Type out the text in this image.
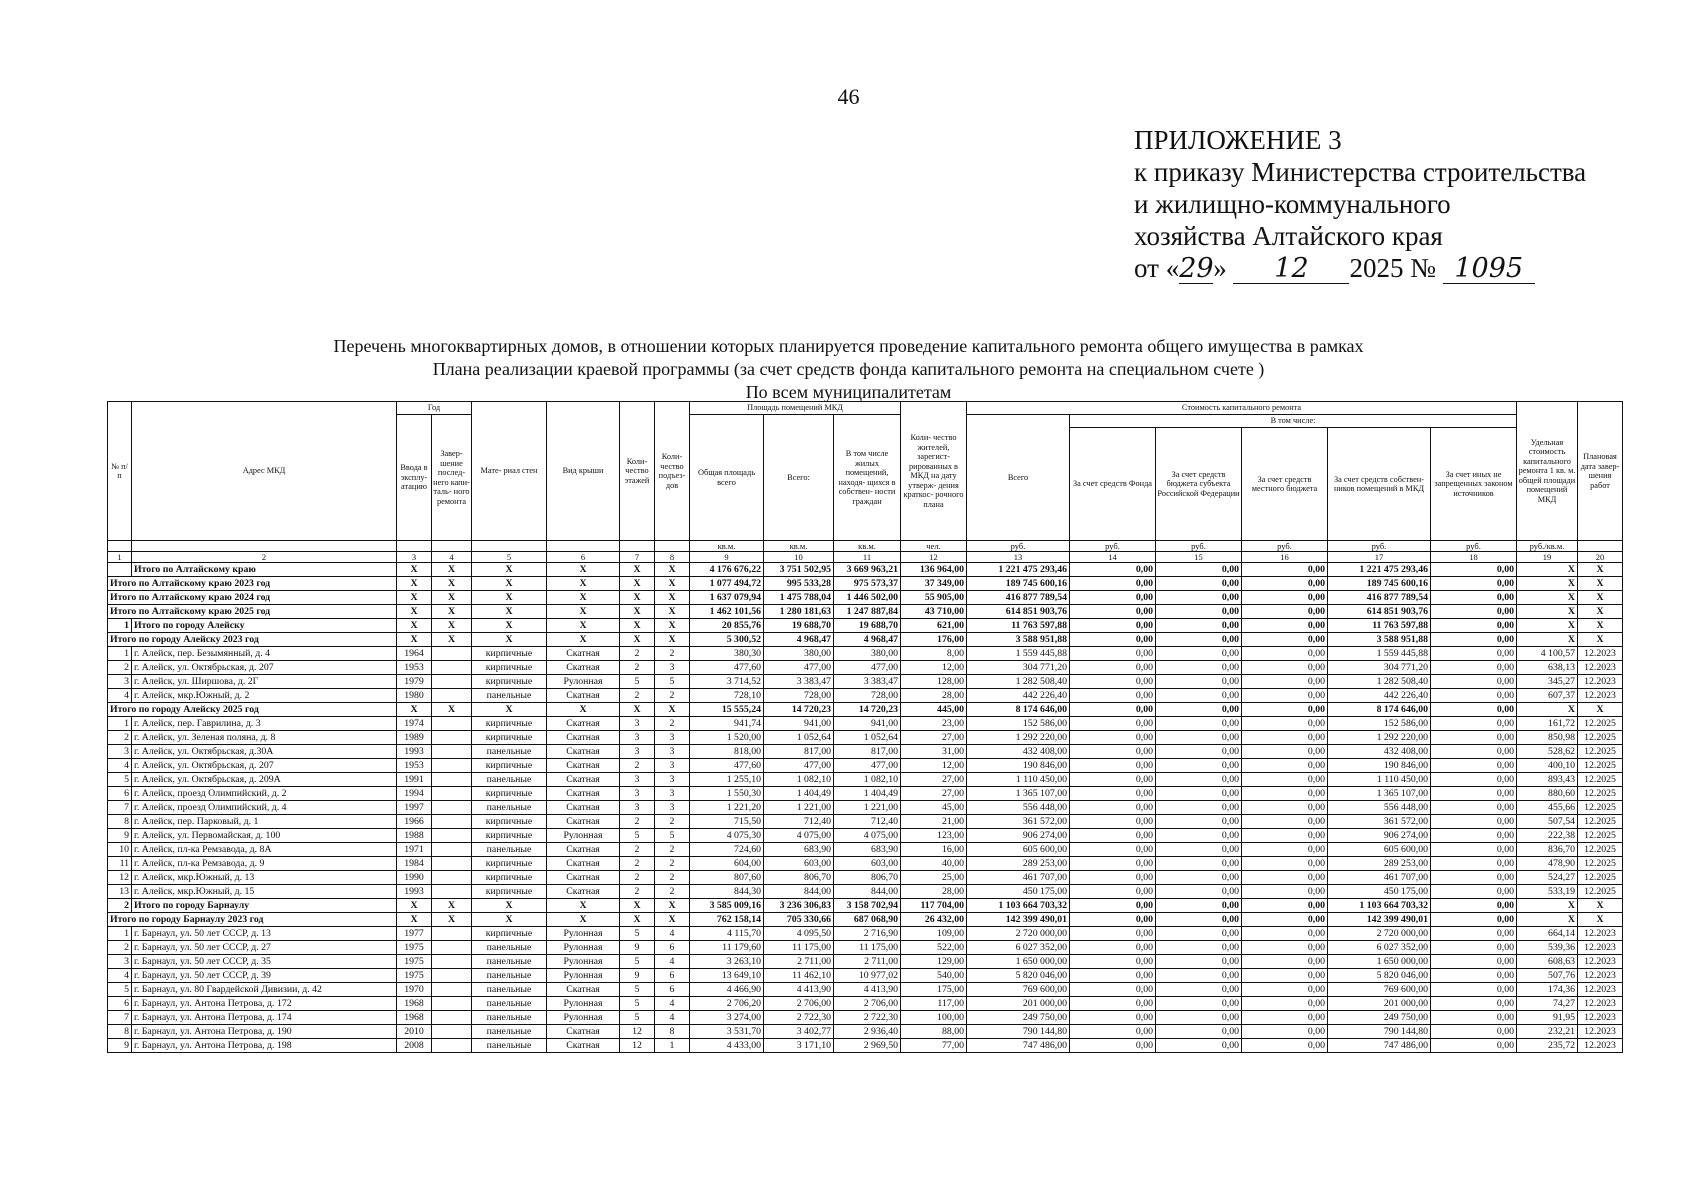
46
ПРИЛОЖЕНИЕ 3
к приказу Министерства строительства
и жилищно-коммунального
хозяйства Алтайского края
от «29» 12 2025 № 1095
Перечень многоквартирных домов, в отношении которых планируется проведение капитального ремонта общего имущества в рамках
Плана реализации краевой программы (за счет средств фонда капитального ремонта на специальном счете )
По всем муниципалитетам
№ п/ п	Адрес МКД	Год		Мате- риал стен	Вид крыши	Коли- чество этажей	Коли- чество подъез- дов	Площадь помещений МКД			Коли- чество жителей, зарегист- рированных в МКД на дату утверж- дения краткос- рочного плана	Стоимость капитального ремонта						Удельная стоимость капитального ремонта 1 кв. м. общей площади помещений МКД	Плановая дата завер- шения работ
		Ввода в эксплу- атацию	Завер- шение послед- него капи- таль- ного ремонта					Общая площадь всего	Всего:	В том числе жилых помещений, находя- щихся в собствен- ности граждан		Всего	В том числе:						
													За счет средств Фонда	За счет средств бюджета субъекта Российской Федерации	За счет средств местного бюджета	За счет средств собствен- ников помещений в МКД	За счет иных не запрещенных законом источников		
								кв.м.	кв.м.	кв.м.	чел.	руб.	руб.	руб.	руб.	руб.	руб.	руб./кв.м.	
1	2	3	4	5	6	7	8	9	10	11	12	13	14	15	16	17	18	19	20
	Итого по Алтайскому краю	X	X	X	X	X	X	4 176 676,22	3 751 502,95	3 669 963,21	136 964,00	1 221 475 293,46	0,00	0,00	0,00	1 221 475 293,46	0,00	X	X
Итого по Алтайскому краю 2023 год		X	X	X	X	X	X	1 077 494,72	995 533,28	975 573,37	37 349,00	189 745 600,16	0,00	0,00	0,00	189 745 600,16	0,00	X	X
Итого по Алтайскому краю 2024 год		X	X	X	X	X	X	1 637 079,94	1 475 788,04	1 446 502,00	55 905,00	416 877 789,54	0,00	0,00	0,00	416 877 789,54	0,00	X	X
Итого по Алтайскому краю 2025 год		X	X	X	X	X	X	1 462 101,56	1 280 181,63	1 247 887,84	43 710,00	614 851 903,76	0,00	0,00	0,00	614 851 903,76	0,00	X	X
1	Итого по городу Алейску	X	X	X	X	X	X	20 855,76	19 688,70	19 688,70	621,00	11 763 597,88	0,00	0,00	0,00	11 763 597,88	0,00	X	X
Итого по городу Алейску 2023 год		X	X	X	X	X	X	5 300,52	4 968,47	4 968,47	176,00	3 588 951,88	0,00	0,00	0,00	3 588 951,88	0,00	X	X
1	г. Алейск, пер. Безымянный, д. 4	1964		кирпичные	Скатная	2	2	380,30	380,00	380,00	8,00	1 559 445,88	0,00	0,00	0,00	1 559 445,88	0,00	4 100,57	12.2023
2	г. Алейск, ул. Октябрьская, д. 207	1953		кирпичные	Скатная	2	3	477,60	477,00	477,00	12,00	304 771,20	0,00	0,00	0,00	304 771,20	0,00	638,13	12.2023
3	г. Алейск, ул. Ширшова, д. 2Г	1979		кирпичные	Рулонная	5	5	3 714,52	3 383,47	3 383,47	128,00	1 282 508,40	0,00	0,00	0,00	1 282 508,40	0,00	345,27	12.2023
4	г. Алейск, мкр.Южный, д. 2	1980		панельные	Скатная	2	2	728,10	728,00	728,00	28,00	442 226,40	0,00	0,00	0,00	442 226,40	0,00	607,37	12.2023
Итого по городу Алейску 2025 год		X	X	X	X	X	X	15 555,24	14 720,23	14 720,23	445,00	8 174 646,00	0,00	0,00	0,00	8 174 646,00	0,00	X	X
1	г. Алейск, пер. Гаврилина, д. 3	1974		кирпичные	Скатная	3	2	941,74	941,00	941,00	23,00	152 586,00	0,00	0,00	0,00	152 586,00	0,00	161,72	12.2025
2	г. Алейск, ул. Зеленая поляна, д. 8	1989		кирпичные	Скатная	3	3	1 520,00	1 052,64	1 052,64	27,00	1 292 220,00	0,00	0,00	0,00	1 292 220,00	0,00	850,98	12.2025
3	г. Алейск, ул. Октябрьская, д.30А	1993		панельные	Скатная	3	3	818,00	817,00	817,00	31,00	432 408,00	0,00	0,00	0,00	432 408,00	0,00	528,62	12.2025
4	г. Алейск, ул. Октябрьская, д. 207	1953		кирпичные	Скатная	2	3	477,60	477,00	477,00	12,00	190 846,00	0,00	0,00	0,00	190 846,00	0,00	400,10	12.2025
5	г. Алейск, ул. Октябрьская, д. 209А	1991		панельные	Скатная	3	3	1 255,10	1 082,10	1 082,10	27,00	1 110 450,00	0,00	0,00	0,00	1 110 450,00	0,00	893,43	12.2025
6	г. Алейск, проезд Олимпийский, д. 2	1994		кирпичные	Скатная	3	3	1 550,30	1 404,49	1 404,49	27,00	1 365 107,00	0,00	0,00	0,00	1 365 107,00	0,00	880,60	12.2025
7	г. Алейск, проезд Олимпийский, д. 4	1997		панельные	Скатная	3	3	1 221,20	1 221,00	1 221,00	45,00	556 448,00	0,00	0,00	0,00	556 448,00	0,00	455,66	12.2025
8	г. Алейск, пер. Парковый, д. 1	1966		кирпичные	Скатная	2	2	715,50	712,40	712,40	21,00	361 572,00	0,00	0,00	0,00	361 572,00	0,00	507,54	12.2025
9	г. Алейск, ул. Первомайская, д. 100	1988		кирпичные	Рулонная	5	5	4 075,30	4 075,00	4 075,00	123,00	906 274,00	0,00	0,00	0,00	906 274,00	0,00	222,38	12.2025
10	г. Алейск, пл-ка Ремзавода, д. 8А	1971		панельные	Скатная	2	2	724,60	683,90	683,90	16,00	605 600,00	0,00	0,00	0,00	605 600,00	0,00	836,70	12.2025
11	г. Алейск, пл-ка Ремзавода, д. 9	1984		кирпичные	Скатная	2	2	604,00	603,00	603,00	40,00	289 253,00	0,00	0,00	0,00	289 253,00	0,00	478,90	12.2025
12	г. Алейск, мкр.Южный, д. 13	1990		кирпичные	Скатная	2	2	807,60	806,70	806,70	25,00	461 707,00	0,00	0,00	0,00	461 707,00	0,00	524,27	12.2025
13	г. Алейск, мкр.Южный, д. 15	1993		кирпичные	Скатная	2	2	844,30	844,00	844,00	28,00	450 175,00	0,00	0,00	0,00	450 175,00	0,00	533,19	12.2025
2	Итого по городу Барнаулу	X	X	X	X	X	X	3 585 009,16	3 236 306,83	3 158 702,94	117 704,00	1 103 664 703,32	0,00	0,00	0,00	1 103 664 703,32	0,00	X	X
Итого по городу Барнаулу 2023 год		X	X	X	X	X	X	762 158,14	705 330,66	687 068,90	26 432,00	142 399 490,01	0,00	0,00	0,00	142 399 490,01	0,00	X	X
1	г. Барнаул, ул. 50 лет СССР, д. 13	1977		кирпичные	Рулонная	5	4	4 115,70	4 095,50	2 716,90	109,00	2 720 000,00	0,00	0,00	0,00	2 720 000,00	0,00	664,14	12.2023
2	г. Барнаул, ул. 50 лет СССР, д. 27	1975		панельные	Рулонная	9	6	11 179,60	11 175,00	11 175,00	522,00	6 027 352,00	0,00	0,00	0,00	6 027 352,00	0,00	539,36	12.2023
3	г. Барнаул, ул. 50 лет СССР, д. 35	1975		панельные	Рулонная	5	4	3 263,10	2 711,00	2 711,00	129,00	1 650 000,00	0,00	0,00	0,00	1 650 000,00	0,00	608,63	12.2023
4	г. Барнаул, ул. 50 лет СССР, д. 39	1975		панельные	Рулонная	9	6	13 649,10	11 462,10	10 977,02	540,00	5 820 046,00	0,00	0,00	0,00	5 820 046,00	0,00	507,76	12.2023
5	г. Барнаул, ул. 80 Гвардейской Дивизии, д. 42	1970		панельные	Скатная	5	6	4 466,90	4 413,90	4 413,90	175,00	769 600,00	0,00	0,00	0,00	769 600,00	0,00	174,36	12.2023
6	г. Барнаул, ул. Антона Петрова, д. 172	1968		панельные	Рулонная	5	4	2 706,20	2 706,00	2 706,00	117,00	201 000,00	0,00	0,00	0,00	201 000,00	0,00	74,27	12.2023
7	г. Барнаул, ул. Антона Петрова, д. 174	1968		панельные	Рулонная	5	4	3 274,00	2 722,30	2 722,30	100,00	249 750,00	0,00	0,00	0,00	249 750,00	0,00	91,95	12.2023
8	г. Барнаул, ул. Антона Петрова, д. 190	2010		панельные	Скатная	12	8	3 531,70	3 402,77	2 936,40	88,00	790 144,80	0,00	0,00	0,00	790 144,80	0,00	232,21	12.2023
9	г. Барнаул, ул. Антона Петрова, д. 198	2008		панельные	Скатная	12	1	4 433,00	3 171,10	2 969,50	77,00	747 486,00	0,00	0,00	0,00	747 486,00	0,00	235,72	12.2023
